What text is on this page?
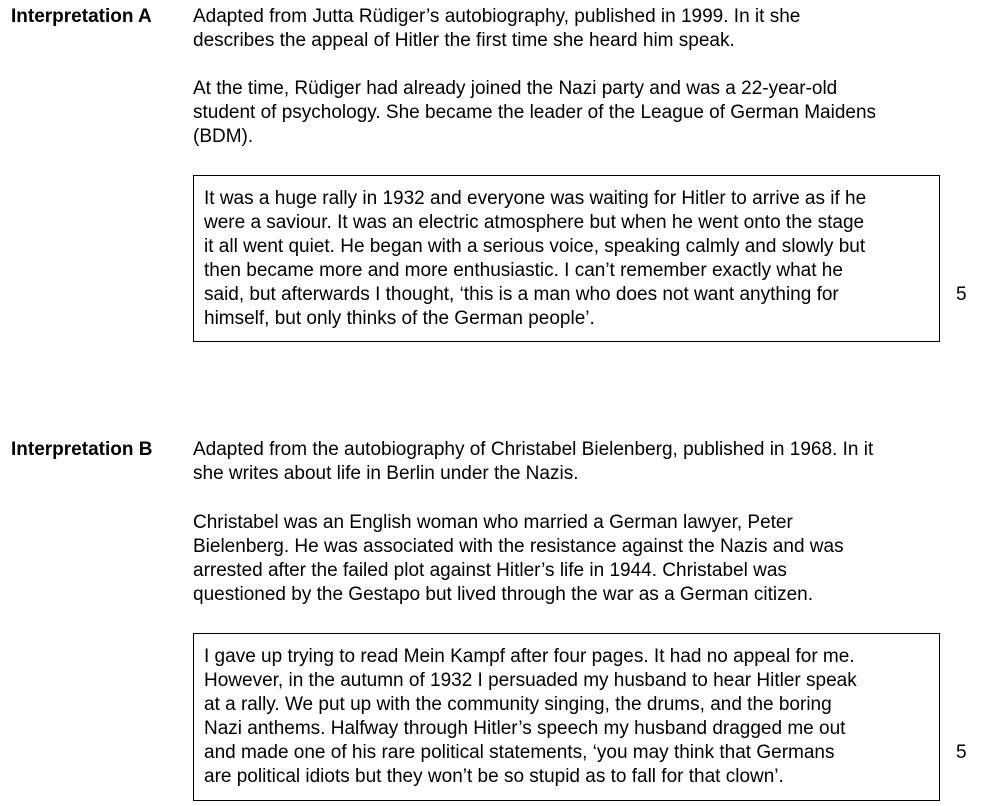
Interpretation A Adapted from Jutta Rüdiger’s autobiography, published in 1999. In it she
describes the appeal of Hitler the first time she heard him speak.
At the time, Rüdiger had already joined the Nazi party and was a 22-year-old
student of psychology. She became the leader of the League of German Maidens
(BDM).
It was a huge rally in 1932 and everyone was waiting for Hitler to arrive as if he
were a saviour. It was an electric atmosphere but when he went onto the stage
it all went quiet. He began with a serious voice, speaking calmly and slowly but
then became more and more enthusiastic. I can’t remember exactly what he
said, but afterwards I thought, ‘this is a man who does not want anything for
himself, but only thinks of the German people’.
5
Interpretation B Adapted from the autobiography of Christabel Bielenberg, published in 1968. In it
she writes about life in Berlin under the Nazis.
Christabel was an English woman who married a German lawyer, Peter
Bielenberg. He was associated with the resistance against the Nazis and was
arrested after the failed plot against Hitler’s life in 1944. Christabel was
questioned by the Gestapo but lived through the war as a German citizen.
I gave up trying to read Mein Kampf after four pages. It had no appeal for me.
However, in the autumn of 1932 I persuaded my husband to hear Hitler speak
at a rally. We put up with the community singing, the drums, and the boring
Nazi anthems. Halfway through Hitler’s speech my husband dragged me out
and made one of his rare political statements, ‘you may think that Germans
are political idiots but they won’t be so stupid as to fall for that clown’.
5
